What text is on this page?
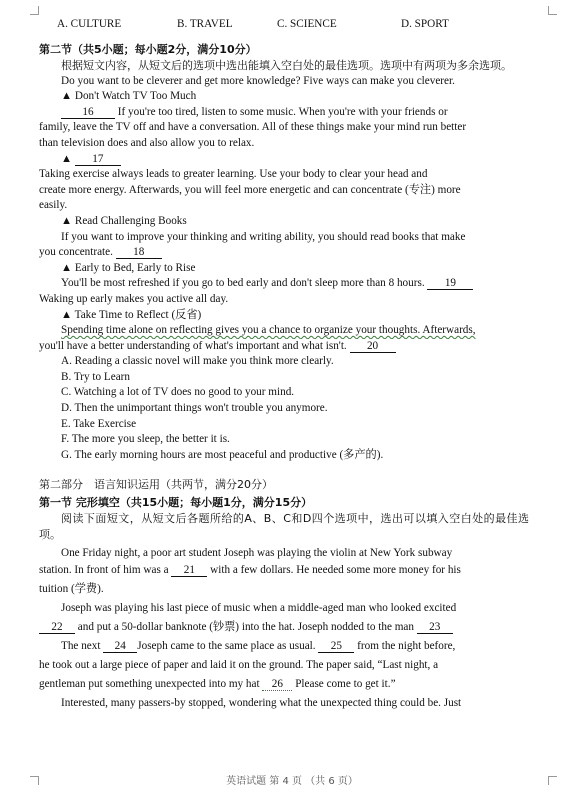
A. CULTURE	B. TRAVEL	C. SCIENCE	D. SPORT
第二节（共5小题；每小题2分，满分10分）
根据短文内容，从短文后的选项中选出能填入空白处的最佳选项。选项中有两项为多余选项。
Do you want to be cleverer and get more knowledge? Five ways can make you cleverer.
▲ Don't Watch TV Too Much
16 If you're too tired, listen to some music. When you're with your friends or
family, leave the TV off and have a conversation. All of these things make your mind run better
than television does and also allow you to relax.
▲ 17
Taking exercise always leads to greater learning. Use your body to clear your head and
create more energy. Afterwards, you will feel more energetic and can concentrate (专注) more
easily.
▲ Read Challenging Books
If you want to improve your thinking and writing ability, you should read books that make
you concentrate. 18
▲ Early to Bed, Early to Rise
You'll be most refreshed if you go to bed early and don't sleep more than 8 hours. 19
Waking up early makes you active all day.
▲ Take Time to Reflect (反省)
Spending time alone on reflecting gives you a chance to organize your thoughts. Afterwards,
you'll have a better understanding of what's important and what isn't. 20
A. Reading a classic novel will make you think more clearly.
B. Try to Learn
C. Watching a lot of TV does no good to your mind.
D. Then the unimportant things won't trouble you anymore.
E. Take Exercise
F. The more you sleep, the better it is.
G. The early morning hours are most peaceful and productive (多产的).
第二部分　语言知识运用（共两节，满分20分）
第一节 完形填空（共15小题；每小题1分，满分15分）
阅读下面短文，从短文后各题所给的A、B、C和D四个选项中，选出可以填入空白处的最佳选项。
One Friday night, a poor art student Joseph was playing the violin at New York subway
station. In front of him was a 21 with a few dollars. He needed some more money for his
tuition (学费).
Joseph was playing his last piece of music when a middle-aged man who looked excited
22 and put a 50-dollar banknote (钞票) into the hat. Joseph nodded to the man 23
The next 24 Joseph came to the same place as usual. 25 from the night before,
he took out a large piece of paper and laid it on the ground. The paper said, “Last night, a
gentleman put something unexpected into my hat 26 Please come to get it.”
Interested, many passers-by stopped, wondering what the unexpected thing could be. Just
英语试题 第 4 页 （共 6 页）
